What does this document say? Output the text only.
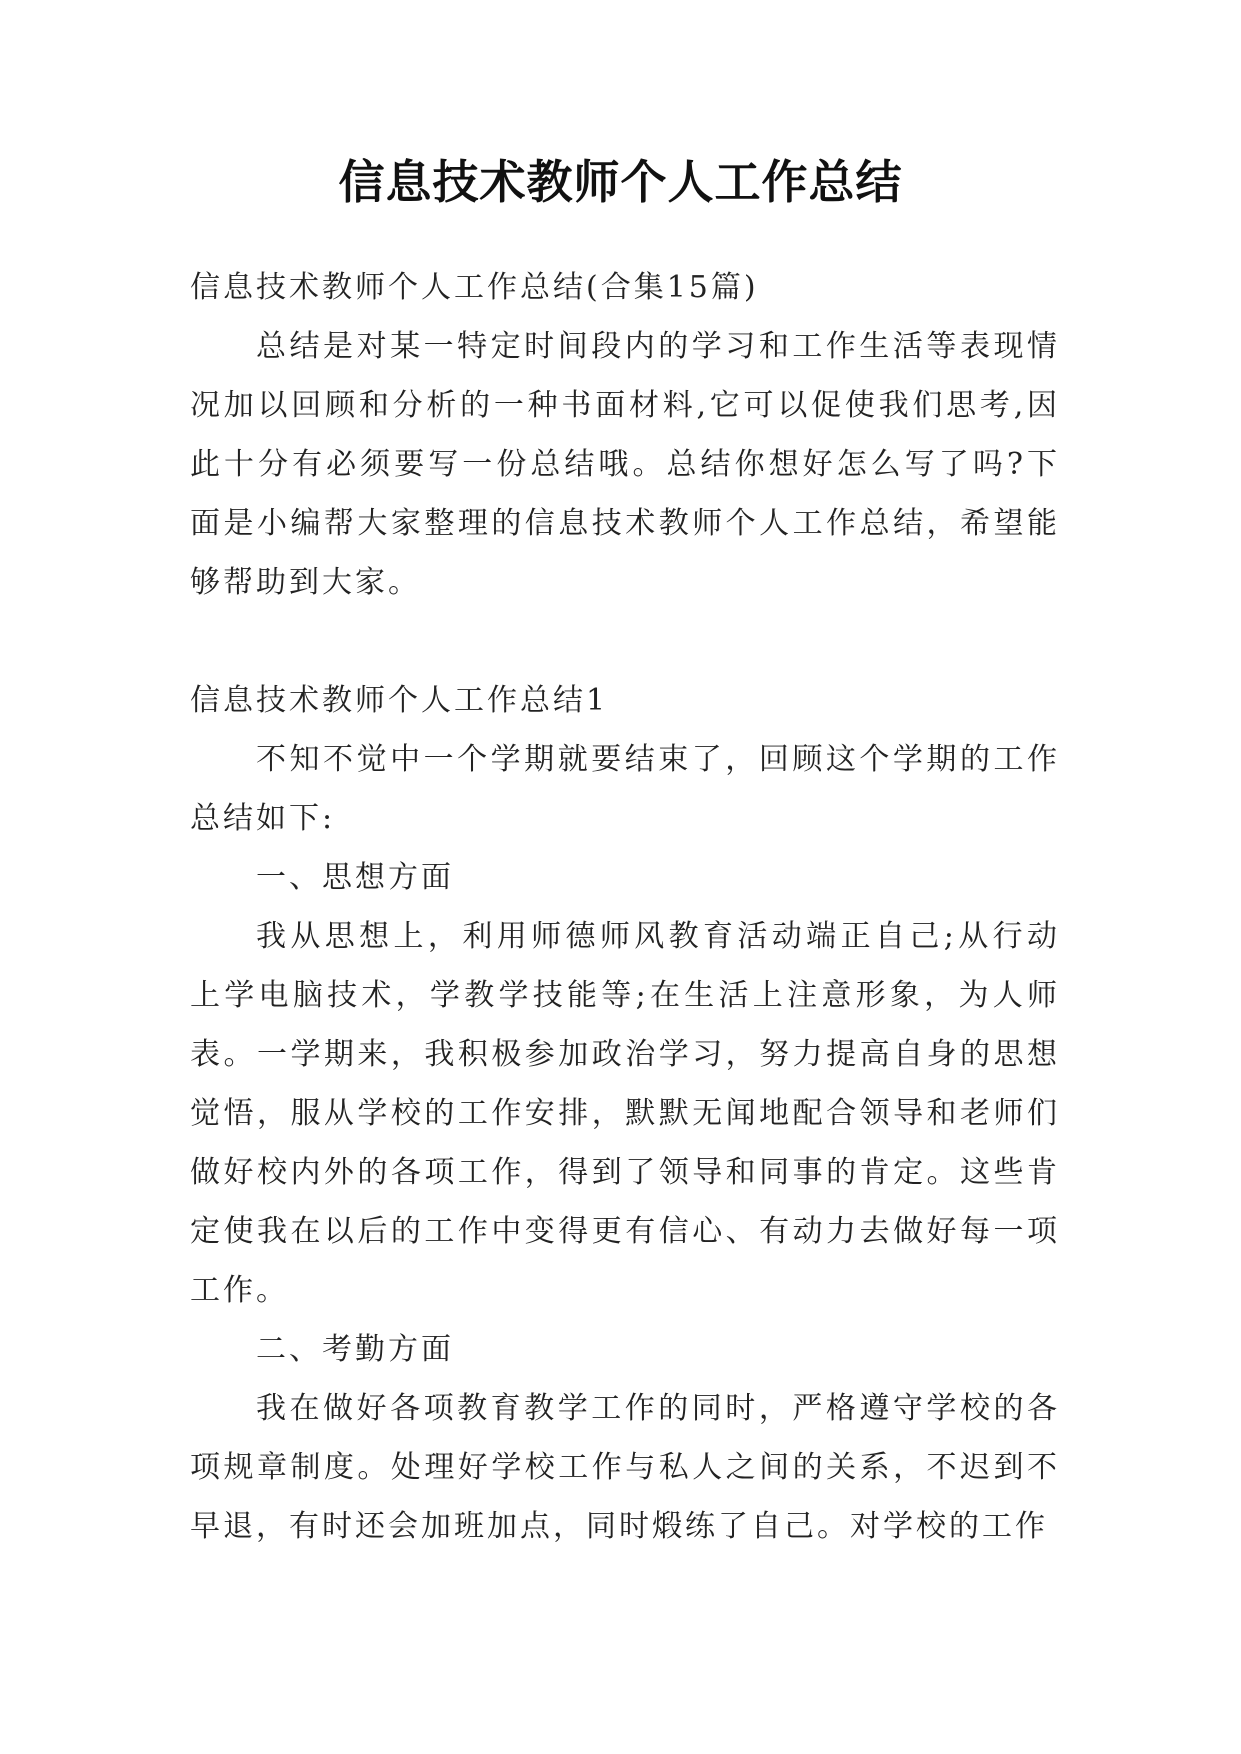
信息技术教师个人工作总结

信息技术教师个人工作总结(合集15篇)

总结是对某一特定时间段内的学习和工作生活等表现情况加以回顾和分析的一种书面材料,它可以促使我们思考,因此十分有必须要写一份总结哦。总结你想好怎么写了吗?下面是小编帮大家整理的信息技术教师个人工作总结，希望能够帮助到大家。

信息技术教师个人工作总结1

不知不觉中一个学期就要结束了，回顾这个学期的工作总结如下:

一、思想方面

我从思想上，利用师德师风教育活动端正自己;从行动上学电脑技术，学教学技能等;在生活上注意形象，为人师表。一学期来，我积极参加政治学习，努力提高自身的思想觉悟，服从学校的工作安排，默默无闻地配合领导和老师们做好校内外的各项工作，得到了领导和同事的肯定。这些肯定使我在以后的工作中变得更有信心、有动力去做好每一项工作。

二、考勤方面

我在做好各项教育教学工作的同时，严格遵守学校的各项规章制度。处理好学校工作与私人之间的关系，不迟到不早退，有时还会加班加点，同时煅练了自己。对学校的工作
